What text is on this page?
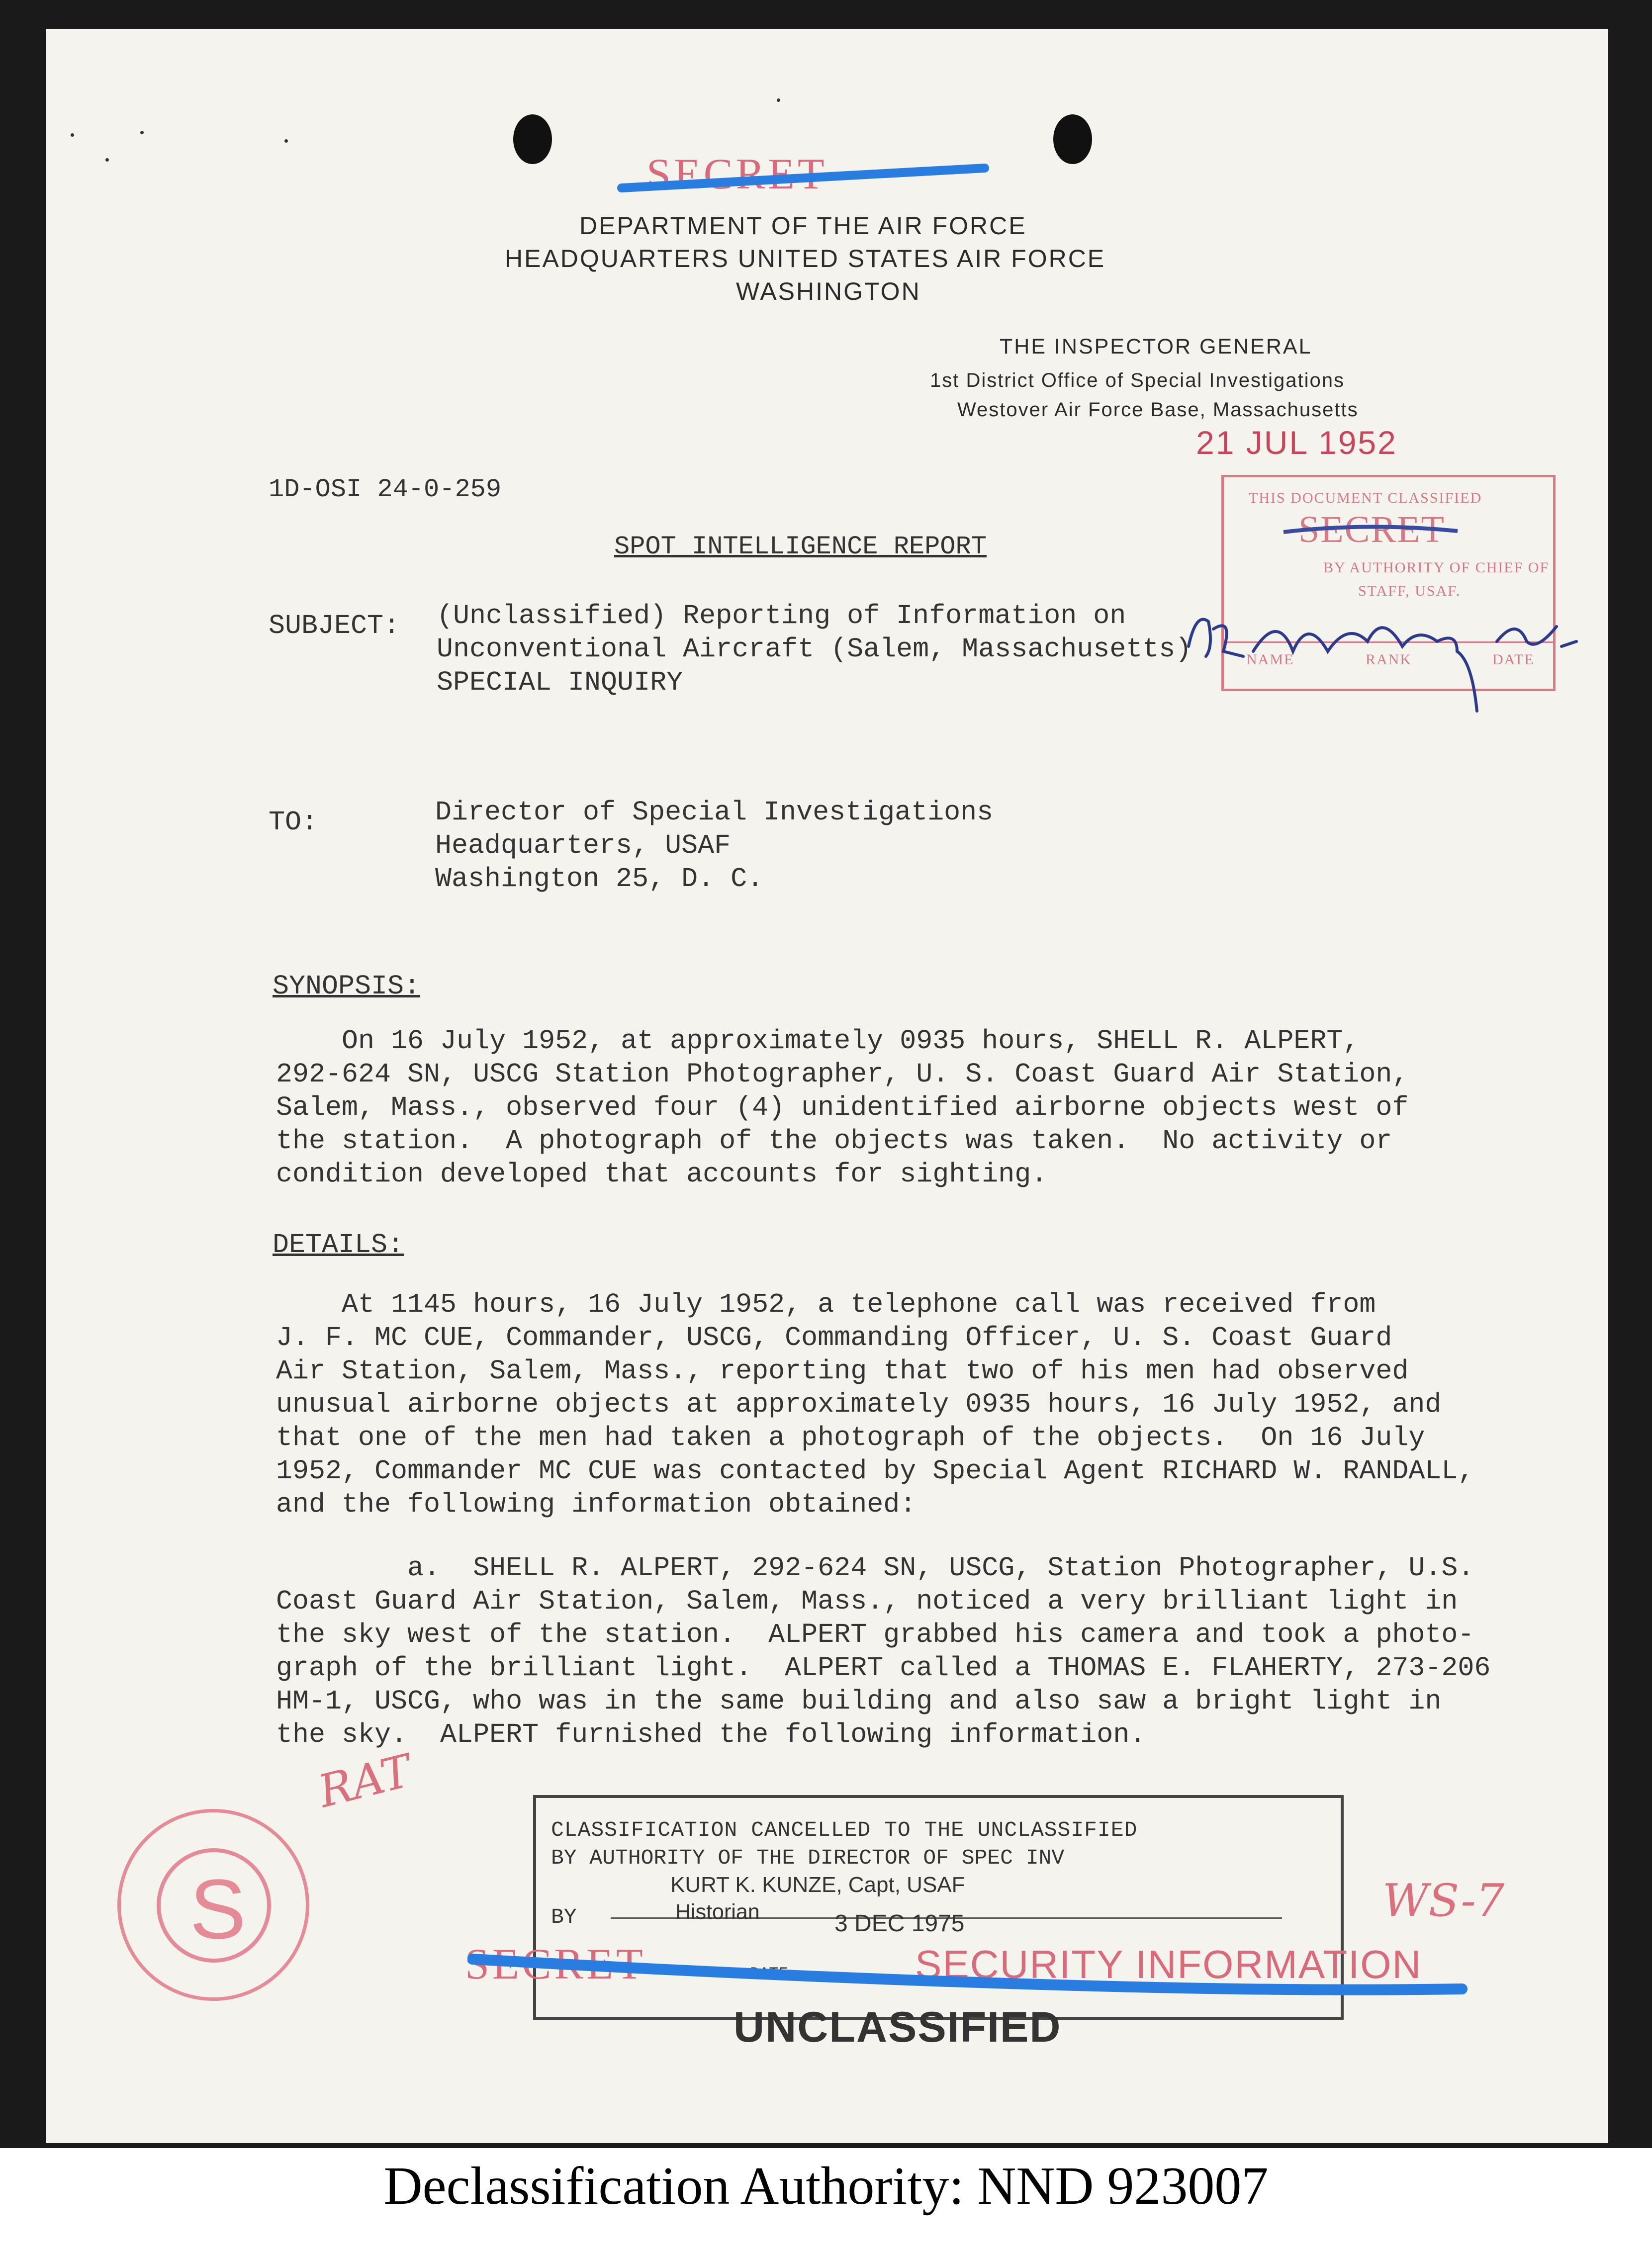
SECRET
DEPARTMENT OF THE AIR FORCE
HEADQUARTERS UNITED STATES AIR FORCE
WASHINGTON
THE INSPECTOR GENERAL
1st District Office of Special Investigations
Westover Air Force Base, Massachusetts
21 JUL 1952
1D-OSI 24-0-259	THIS DOCUMENT CLASSIFIED
SECRET
BY AUTHORITY OF CHIEF OF
STAFF, USAF.
NAME	RANK	DATE
SPOT INTELLIGENCE REPORT
SUBJECT: (Unclassified) Reporting of Information on
Unconventional Aircraft (Salem, Massachusetts)
SPECIAL INQUIRY
TO:	Director of Special Investigations
Headquarters, USAF
Washington 25, D. C.
SYNOPSIS:
On 16 July 1952, at approximately 0935 hours, SHELL R. ALPERT,
292-624 SN, USCG Station Photographer, U. S. Coast Guard Air Station,
Salem, Mass., observed four (4) unidentified airborne objects west of
the station.  A photograph of the objects was taken.  No activity or
condition developed that accounts for sighting.
DETAILS:
At 1145 hours, 16 July 1952, a telephone call was received from
J. F. MC CUE, Commander, USCG, Commanding Officer, U. S. Coast Guard
Air Station, Salem, Mass., reporting that two of his men had observed
unusual airborne objects at approximately 0935 hours, 16 July 1952, and
that one of the men had taken a photograph of the objects.  On 16 July
1952, Commander MC CUE was contacted by Special Agent RICHARD W. RANDALL,
and the following information obtained:
a.  SHELL R. ALPERT, 292-624 SN, USCG, Station Photographer, U.S.
Coast Guard Air Station, Salem, Mass., noticed a very brilliant light in
the sky west of the station.  ALPERT grabbed his camera and took a photo-
graph of the brilliant light.  ALPERT called a THOMAS E. FLAHERTY, 273-206
HM-1, USCG, who was in the same building and also saw a bright light in
the sky.  ALPERT furnished the following information.
RAT
WS-7
S
CLASSIFICATION CANCELLED TO THE UNCLASSIFIED
BY AUTHORITY OF THE DIRECTOR OF SPEC INV
KURT K. KUNZE, Capt, USAF
BY	Historian	3 DEC 1975
DATE
SECRET	SECURITY INFORMATION
UNCLASSIFIED
Declassification Authority: NND 923007
